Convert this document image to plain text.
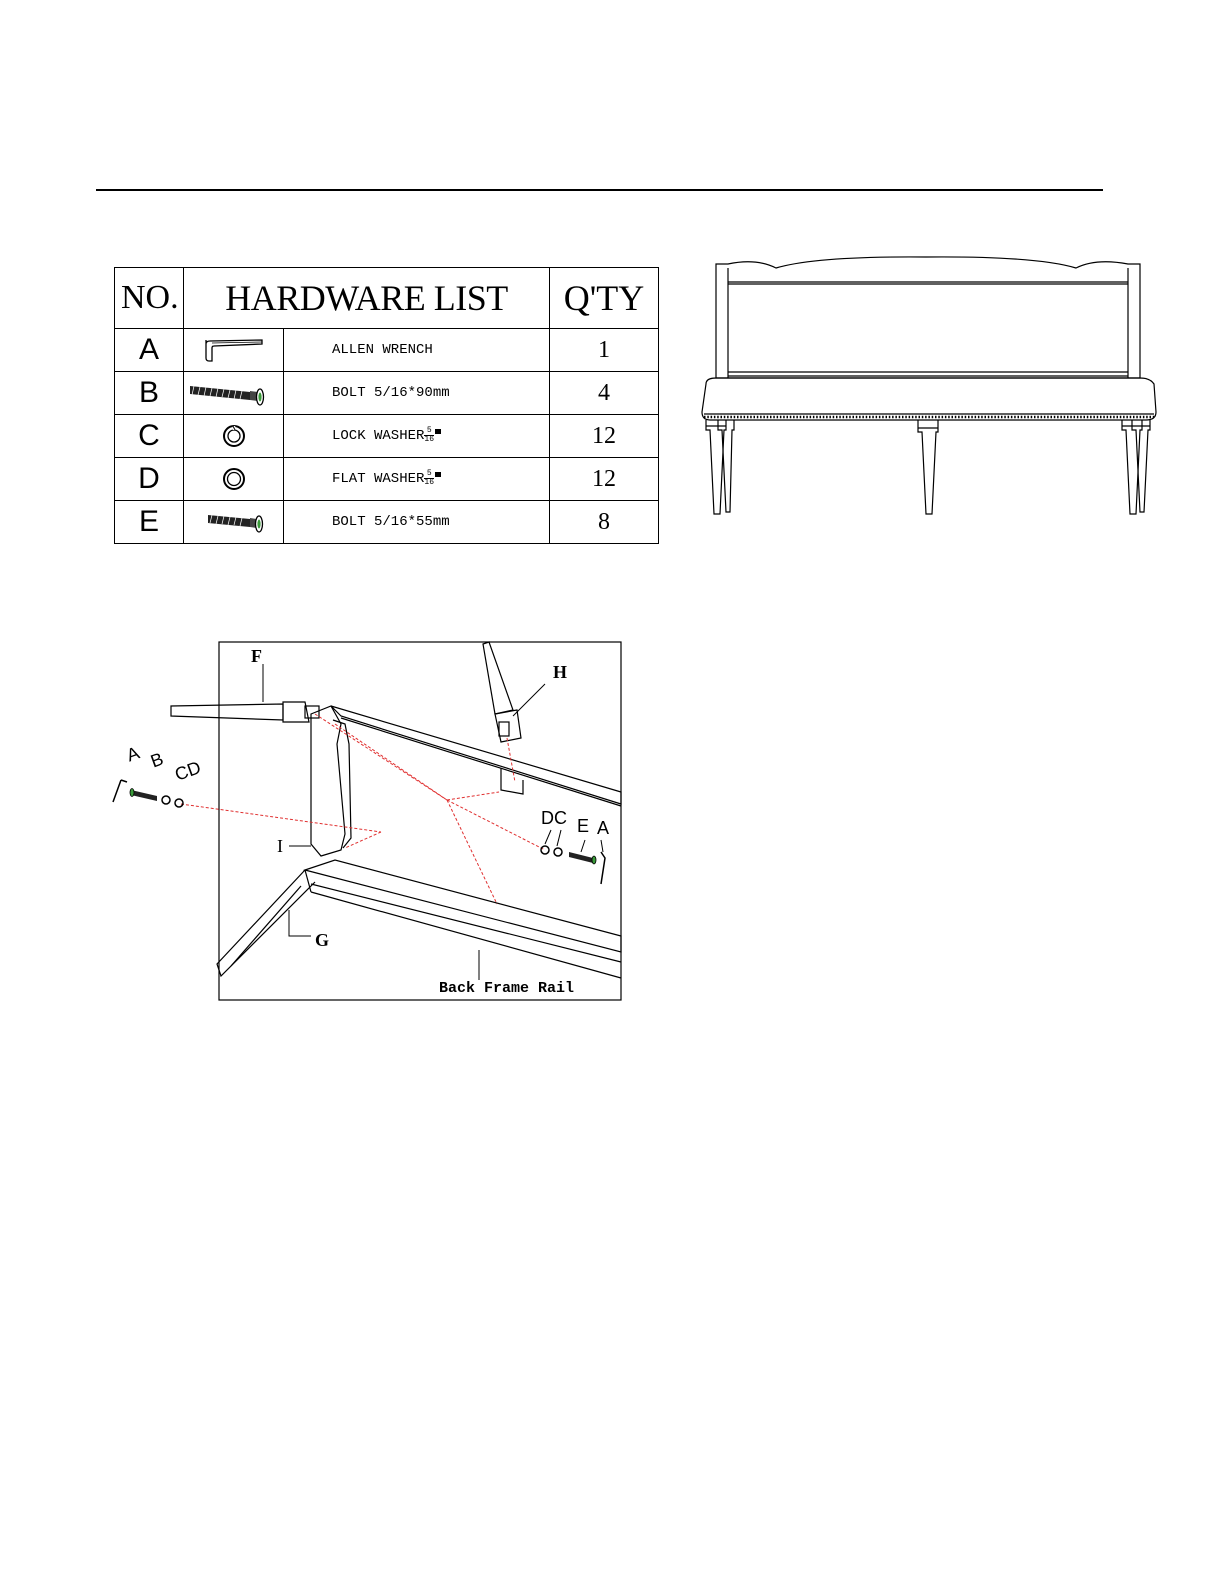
NO.	HARDWARE LIST		Q'TY
A		ALLEN WRENCH	1
B		BOLT 5/16*90mm	4
C		LOCK WASHER $\frac{5}{16}$	12
D		FLAT WASHER $\frac{5}{16}$	12
E		BOLT 5/16*55mm	8
F
H
I
G
A B CD
DC E A
Back Frame Rail
